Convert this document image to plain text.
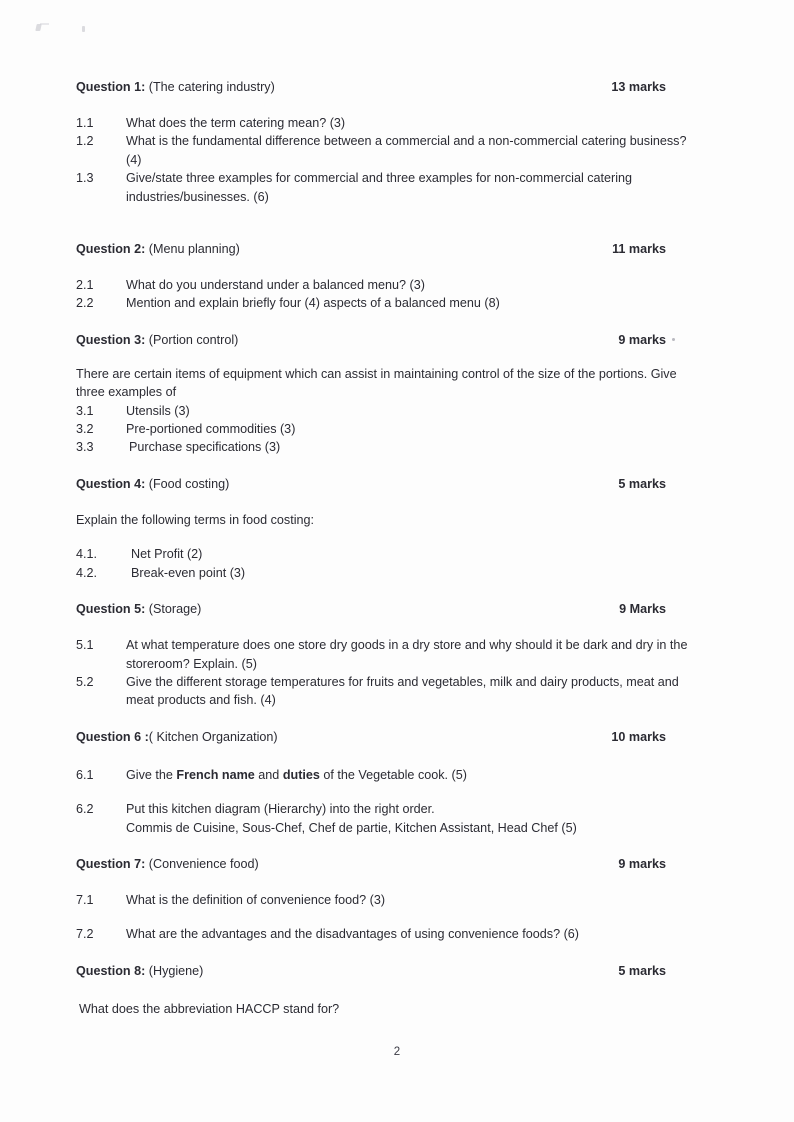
Question 1: (The catering industry)	13 marks
1.1	What does the term catering mean? (3)
1.2	What is the fundamental difference between a commercial and a non-commercial catering business? (4)
1.3	Give/state three examples for commercial and three examples for non-commercial catering industries/businesses. (6)
Question 2: (Menu planning)	11 marks
2.1	What do you understand under a balanced menu? (3)
2.2	Mention and explain briefly four (4) aspects of a balanced menu (8)
Question 3: (Portion control)	9 marks
There are certain items of equipment which can assist in maintaining control of the size of the portions. Give three examples of
3.1	Utensils (3)
3.2	Pre-portioned commodities (3)
3.3	Purchase specifications (3)
Question 4: (Food costing)	5 marks
Explain the following terms in food costing:
4.1.	Net Profit (2)
4.2.	Break-even point (3)
Question 5: (Storage)	9 Marks
5.1	At what temperature does one store dry goods in a dry store and why should it be dark and dry in the storeroom? Explain. (5)
5.2	Give the different storage temperatures for fruits and vegetables, milk and dairy products, meat and meat products and fish. (4)
Question 6 :( Kitchen Organization)	10 marks
6.1	Give the French name and duties of the Vegetable cook. (5)
6.2	Put this kitchen diagram (Hierarchy) into the right order.
Commis de Cuisine, Sous-Chef, Chef de partie, Kitchen Assistant, Head Chef (5)
Question 7: (Convenience food)	9 marks
7.1	What is the definition of convenience food? (3)
7.2	What are the advantages and the disadvantages of using convenience foods? (6)
Question 8: (Hygiene)	5 marks
What does the abbreviation HACCP stand for?
2
